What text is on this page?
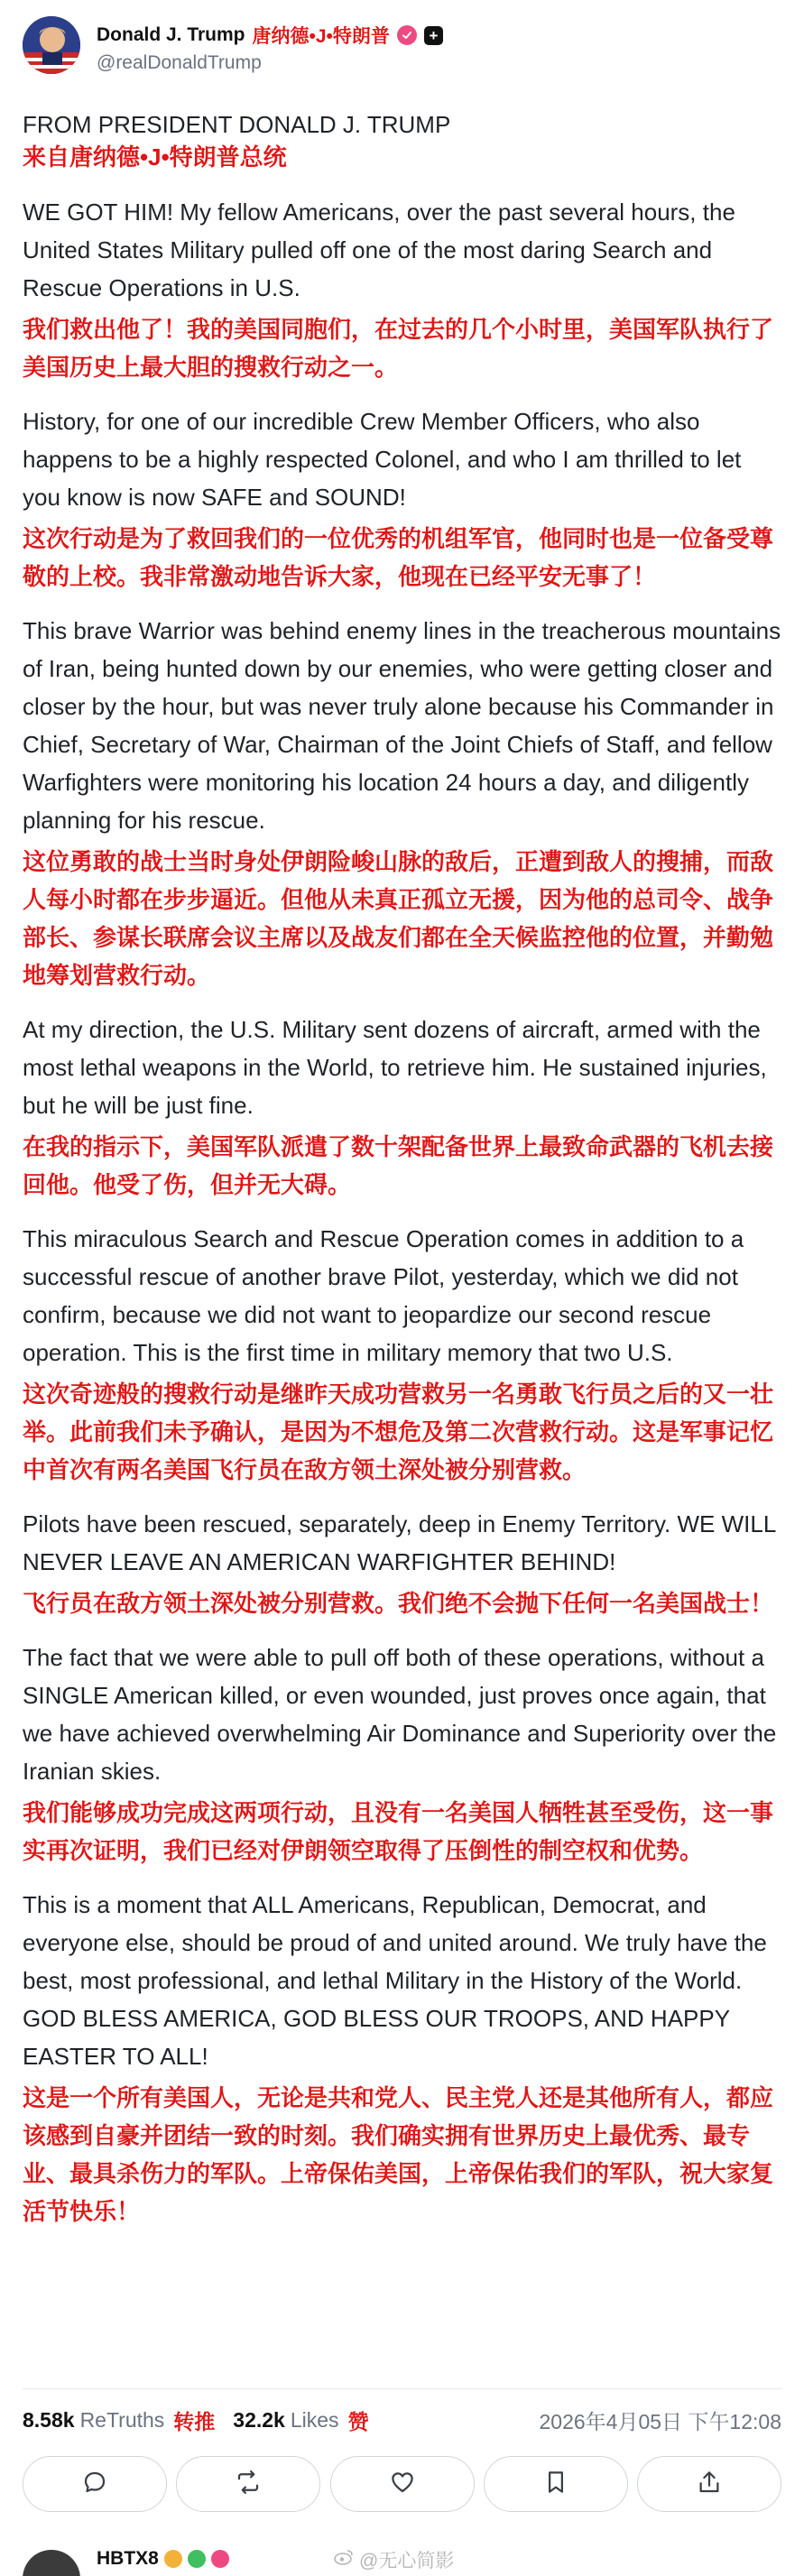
Donald J. Trump 唐纳德•J•特朗普	+
@realDonaldTrump
FROM PRESIDENT DONALD J. TRUMP
来自唐纳德•J•特朗普总统
WE GOT HIM! My fellow Americans, over the past several hours, the United States Military pulled off one of the most daring Search and Rescue Operations in U.S.
我们救出他了！我的美国同胞们，在过去的几个小时里，美国军队执行了美国历史上最大胆的搜救行动之一。
History, for one of our incredible Crew Member Officers, who also happens to be a highly respected Colonel, and who I am thrilled to let you know is now SAFE and SOUND!
这次行动是为了救回我们的一位优秀的机组军官，他同时也是一位备受尊敬的上校。我非常激动地告诉大家，他现在已经平安无事了！
This brave Warrior was behind enemy lines in the treacherous mountains of Iran, being hunted down by our enemies, who were getting closer and closer by the hour, but was never truly alone because his Commander in Chief, Secretary of War, Chairman of the Joint Chiefs of Staff, and fellow Warfighters were monitoring his location 24 hours a day, and diligently planning for his rescue.
这位勇敢的战士当时身处伊朗险峻山脉的敌后，正遭到敌人的搜捕，而敌人每小时都在步步逼近。但他从未真正孤立无援，因为他的总司令、战争部长、参谋长联席会议主席以及战友们都在全天候监控他的位置，并勤勉地筹划营救行动。
At my direction, the U.S. Military sent dozens of aircraft, armed with the most lethal weapons in the World, to retrieve him. He sustained injuries, but he will be just fine.
在我的指示下，美国军队派遣了数十架配备世界上最致命武器的飞机去接回他。他受了伤，但并无大碍。
This miraculous Search and Rescue Operation comes in addition to a successful rescue of another brave Pilot, yesterday, which we did not confirm, because we did not want to jeopardize our second rescue operation. This is the first time in military memory that two U.S.
这次奇迹般的搜救行动是继昨天成功营救另一名勇敢飞行员之后的又一壮举。此前我们未予确认，是因为不想危及第二次营救行动。这是军事记忆中首次有两名美国飞行员在敌方领土深处被分别营救。
Pilots have been rescued, separately, deep in Enemy Territory. WE WILL NEVER LEAVE AN AMERICAN WARFIGHTER BEHIND!
飞行员在敌方领土深处被分别营救。我们绝不会抛下任何一名美国战士！
The fact that we were able to pull off both of these operations, without a SINGLE American killed, or even wounded, just proves once again, that we have achieved overwhelming Air Dominance and Superiority over the Iranian skies.
我们能够成功完成这两项行动，且没有一名美国人牺牲甚至受伤，这一事实再次证明，我们已经对伊朗领空取得了压倒性的制空权和优势。
This is a moment that ALL Americans, Republican, Democrat, and everyone else, should be proud of and united around. We truly have the best, most professional, and lethal Military in the History of the World. GOD BLESS AMERICA, GOD BLESS OUR TROOPS, AND HAPPY EASTER TO ALL!
这是一个所有美国人，无论是共和党人、民主党人还是其他所有人，都应该感到自豪并团结一致的时刻。我们确实拥有世界历史上最优秀、最专业、最具杀伤力的军队。上帝保佑美国，上帝保佑我们的军队，祝大家复活节快乐！
8.58k ReTruths 转推 32.2k Likes 赞	2026年4月05日 下午12:08
HBTX8	@无心简影
